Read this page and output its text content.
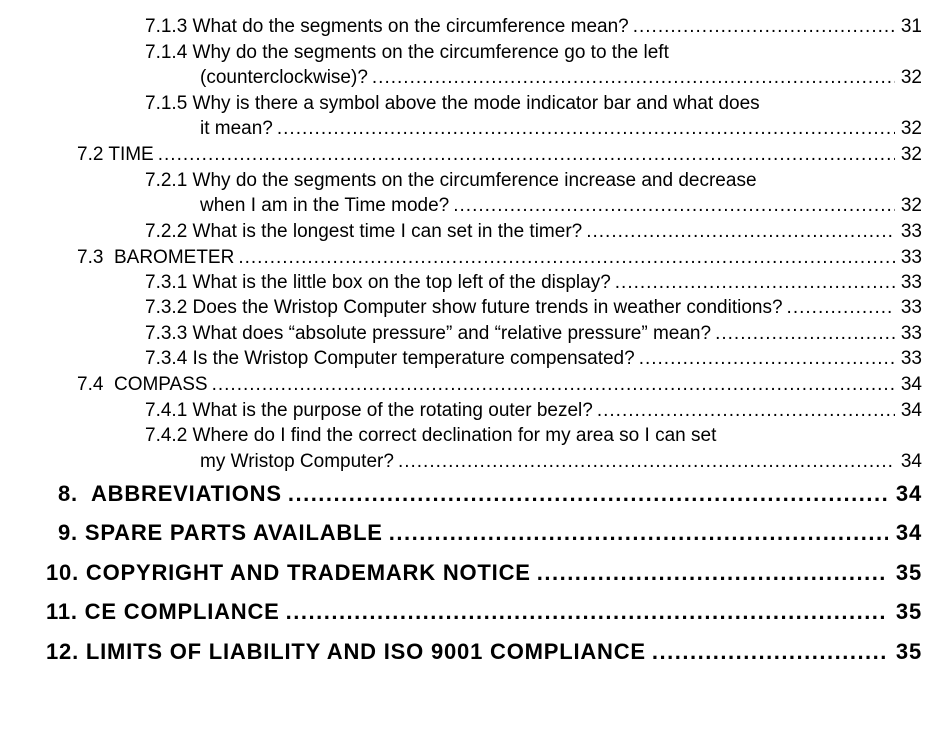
7.1.3 What do the segments on the circumference mean? .....	31
7.1.4 Why do the segments on the circumference go to the left
(counterclockwise)? .....	32
7.1.5 Why is there a symbol above the mode indicator bar and what does
it mean? .....	32
7.2 TIME .....	32
7.2.1 Why do the segments on the circumference increase and decrease
when I am in the Time mode? .....	32
7.2.2 What is the longest time I can set in the timer? .....	33
7.3  BAROMETER .....	33
7.3.1 What is the little box on the top left of the display? .....	33
7.3.2 Does the Wristop Computer show future trends in weather conditions? .....	33
7.3.3 What does “absolute pressure” and “relative pressure” mean? .....	33
7.3.4 Is the Wristop Computer temperature compensated? .....	33
7.4  COMPASS .....	34
7.4.1 What is the purpose of the rotating outer bezel? .....	34
7.4.2 Where do I find the correct declination for my area so I can set
my Wristop Computer? .....	34
8.  ABBREVIATIONS .....	34
9. SPARE PARTS AVAILABLE .....	34
10. COPYRIGHT AND TRADEMARK NOTICE .....	35
11. CE COMPLIANCE .....	35
12. LIMITS OF LIABILITY AND ISO 9001 COMPLIANCE .....	35
